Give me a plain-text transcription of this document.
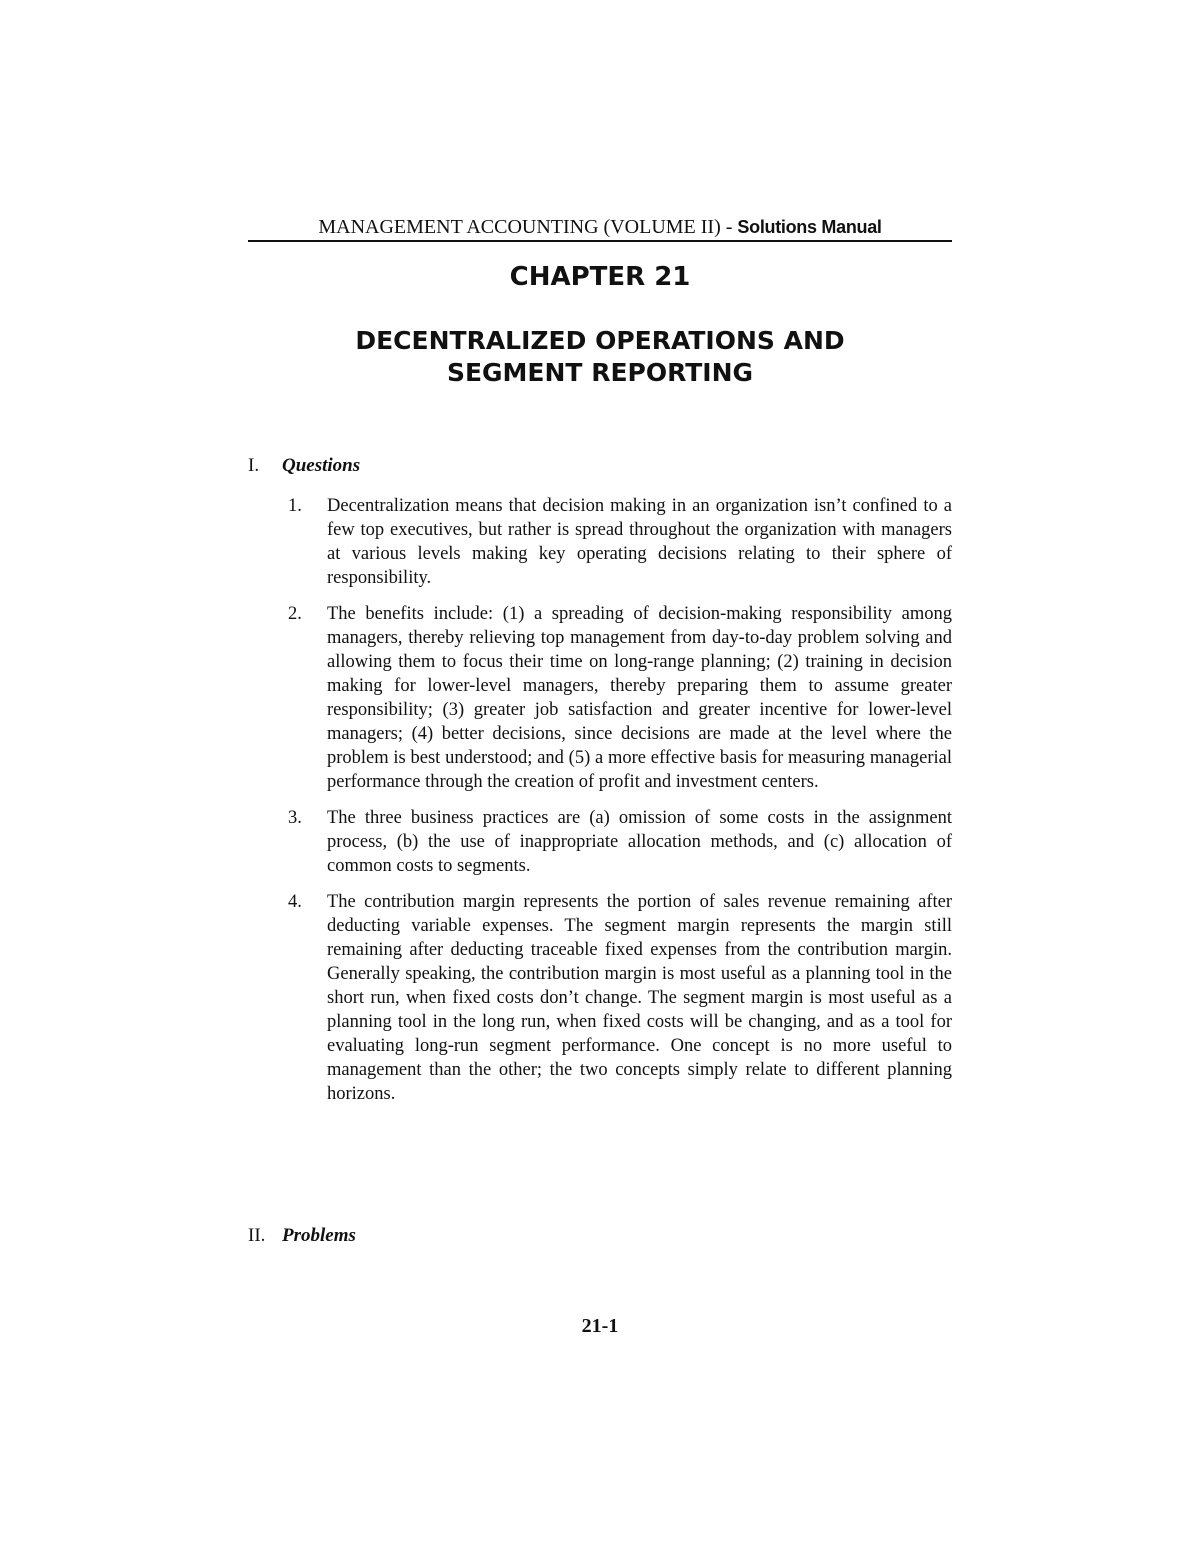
MANAGEMENT ACCOUNTING (VOLUME II) - Solutions Manual
CHAPTER 21
DECENTRALIZED OPERATIONS AND
SEGMENT REPORTING
I. Questions
1. Decentralization means that decision making in an organization isn’t confined to a few top executives, but rather is spread throughout the organization with managers at various levels making key operating decisions relating to their sphere of responsibility.
2. The benefits include: (1) a spreading of decision-making responsibility among managers, thereby relieving top management from day-to-day problem solving and allowing them to focus their time on long-range planning; (2) training in decision making for lower-level managers, thereby preparing them to assume greater responsibility; (3) greater job satisfaction and greater incentive for lower-level managers; (4) better decisions, since decisions are made at the level where the problem is best understood; and (5) a more effective basis for measuring managerial performance through the creation of profit and investment centers.
3. The three business practices are (a) omission of some costs in the assignment process, (b) the use of inappropriate allocation methods, and (c) allocation of common costs to segments.
4. The contribution margin represents the portion of sales revenue remaining after deducting variable expenses. The segment margin represents the margin still remaining after deducting traceable fixed expenses from the contribution margin. Generally speaking, the contribution margin is most useful as a planning tool in the short run, when fixed costs don’t change. The segment margin is most useful as a planning tool in the long run, when fixed costs will be changing, and as a tool for evaluating long-run segment performance. One concept is no more useful to management than the other; the two concepts simply relate to different planning horizons.
II. Problems
21-1
